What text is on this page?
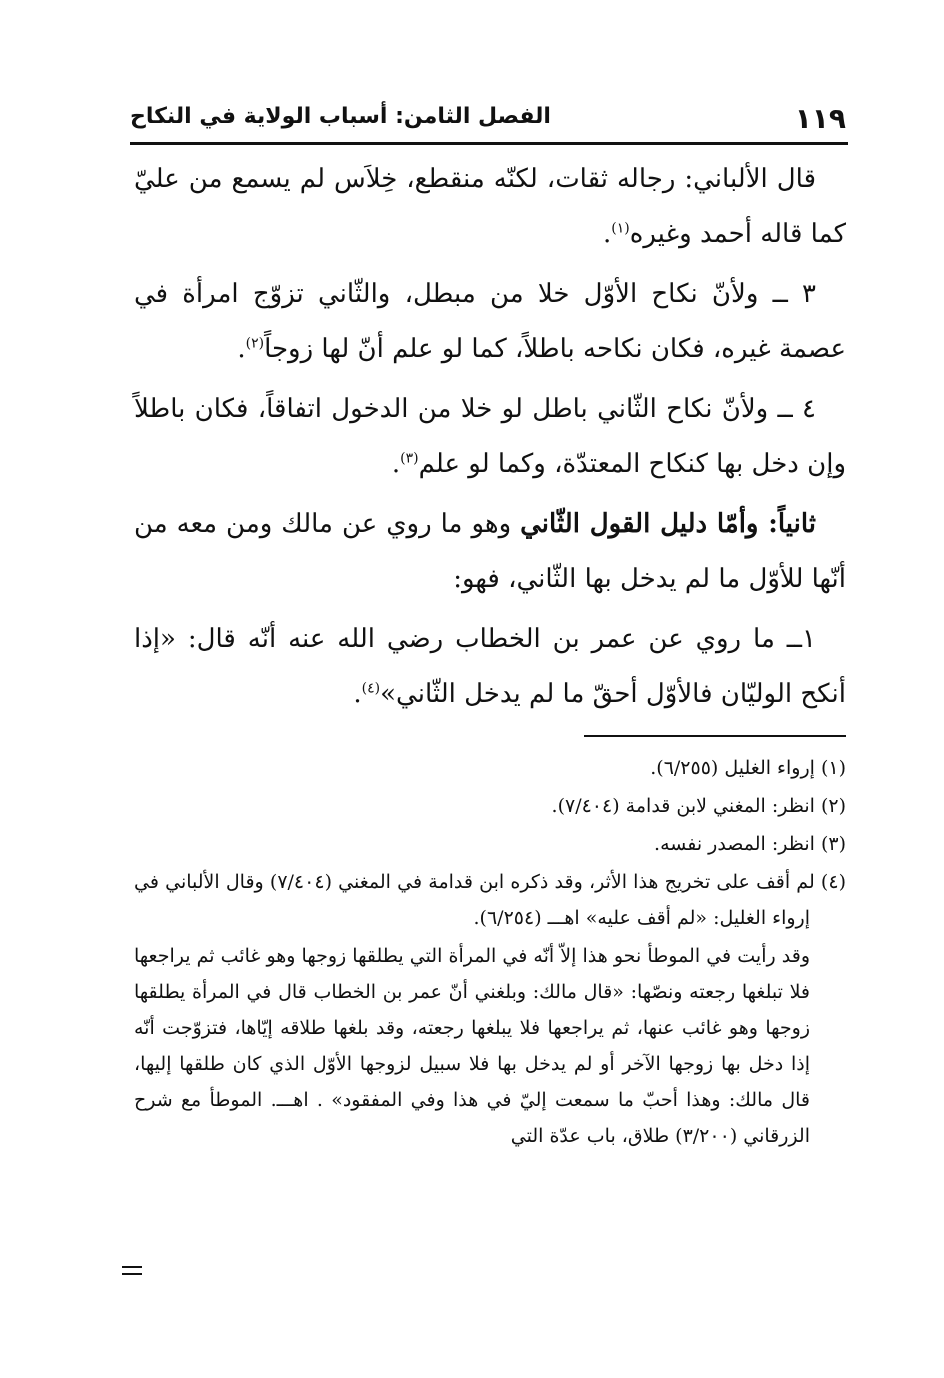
١١٩
الفصل الثامن: أسباب الولاية في النكاح

قال الألباني: رجاله ثقات، لكنّه منقطع، خِلاَس لم يسمع من عليّ كما قاله أحمد وغيره$^{(١)}$.

٣ ــ ولأنّ نكاح الأوّل خلا من مبطل، والثّاني تزوّج امرأة في عصمة غيره، فكان نكاحه باطلاً، كما لو علم أنّ لها زوجاً$^{(٢)}$.

٤ ــ ولأنّ نكاح الثّاني باطل لو خلا من الدخول اتفاقاً، فكان باطلاً وإن دخل بها كنكاح المعتدّة، وكما لو علم$^{(٣)}$.

ثانياً: وأمّا دليل القول الثّاني وهو ما روي عن مالك ومن معه من أنّها للأوّل ما لم يدخل بها الثّاني، فهو:

١ــ ما روي عن عمر بن الخطاب رضي الله عنه أنّه قال: «إذا أنكح الوليّان فالأوّل أحقّ ما لم يدخل الثّاني»$^{(٤)}$.

(١) إرواء الغليل (٦/٢٥٥).
(٢) انظر: المغني لابن قدامة (٧/٤٠٤).
(٣) انظر: المصدر نفسه.
(٤) لم أقف على تخريج هذا الأثر، وقد ذكره ابن قدامة في المغني (٧/٤٠٤) وقال الألباني في إرواء الغليل: «لم أقف عليه» اهـــ (٦/٢٥٤).
وقد رأيت في الموطأ نحو هذا إلاّ أنّه في المرأة التي يطلقها زوجها وهو غائب ثم يراجعها فلا تبلغها رجعته ونصّها: «قال مالك: وبلغني أنّ عمر بن الخطاب قال في المرأة يطلقها زوجها وهو غائب عنها، ثم يراجعها فلا يبلغها رجعته، وقد بلغها طلاقه إيّاها، فتزوّجت أنّه إذا دخل بها زوجها الآخر أو لم يدخل بها فلا سبيل لزوجها الأوّل الذي كان طلقها إليها، قال مالك: وهذا أحبّ ما سمعت إليّ في هذا وفي المفقود» . اهـــ. الموطأ مع شرح الزرقاني (٣/٢٠٠) طلاق، باب عدّة التي
